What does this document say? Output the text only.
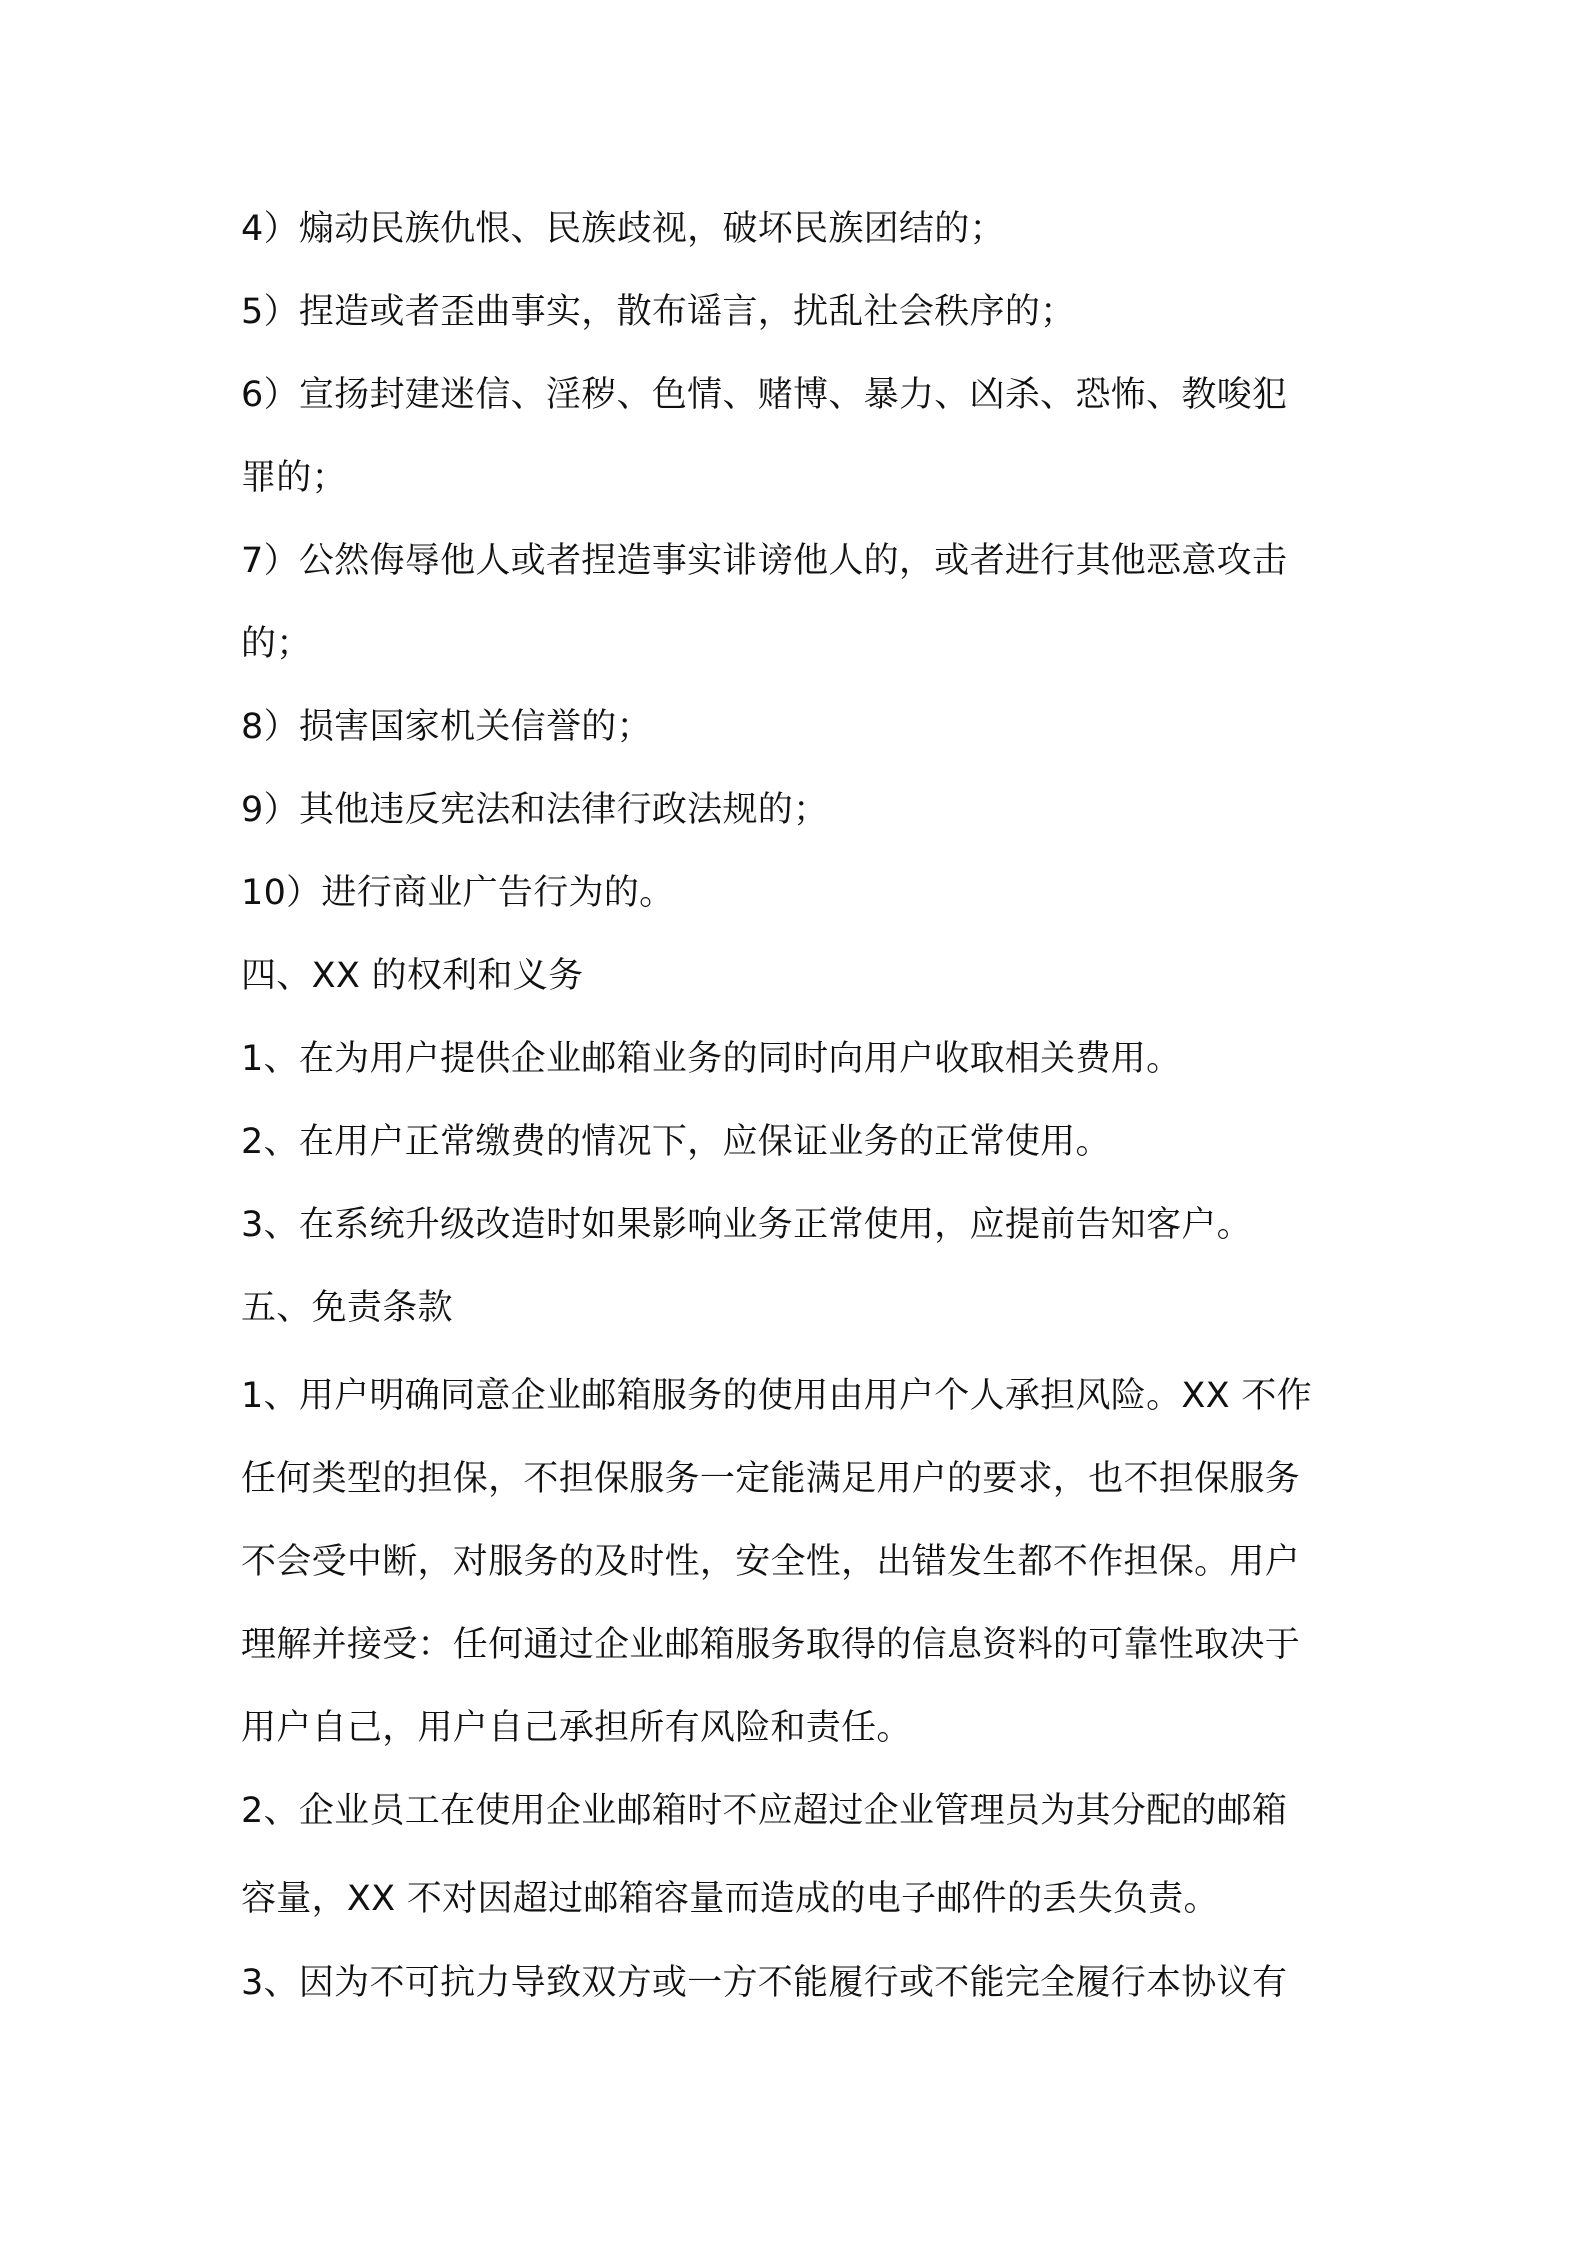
4）煽动民族仇恨、民族歧视，破坏民族团结的；
5）捏造或者歪曲事实，散布谣言，扰乱社会秩序的；
6）宣扬封建迷信、淫秽、色情、赌博、暴力、凶杀、恐怖、教唆犯
罪的；
7）公然侮辱他人或者捏造事实诽谤他人的，或者进行其他恶意攻击
的；
8）损害国家机关信誉的；
9）其他违反宪法和法律行政法规的；
10）进行商业广告行为的。
四、XX 的权利和义务
1、在为用户提供企业邮箱业务的同时向用户收取相关费用。
2、在用户正常缴费的情况下，应保证业务的正常使用。
3、在系统升级改造时如果影响业务正常使用，应提前告知客户。
五、免责条款
1、用户明确同意企业邮箱服务的使用由用户个人承担风险。XX 不作
任何类型的担保，不担保服务一定能满足用户的要求，也不担保服务
不会受中断，对服务的及时性，安全性，出错发生都不作担保。用户
理解并接受：任何通过企业邮箱服务取得的信息资料的可靠性取决于
用户自己，用户自己承担所有风险和责任。
2、企业员工在使用企业邮箱时不应超过企业管理员为其分配的邮箱
容量，XX 不对因超过邮箱容量而造成的电子邮件的丢失负责。
3、因为不可抗力导致双方或一方不能履行或不能完全履行本协议有
